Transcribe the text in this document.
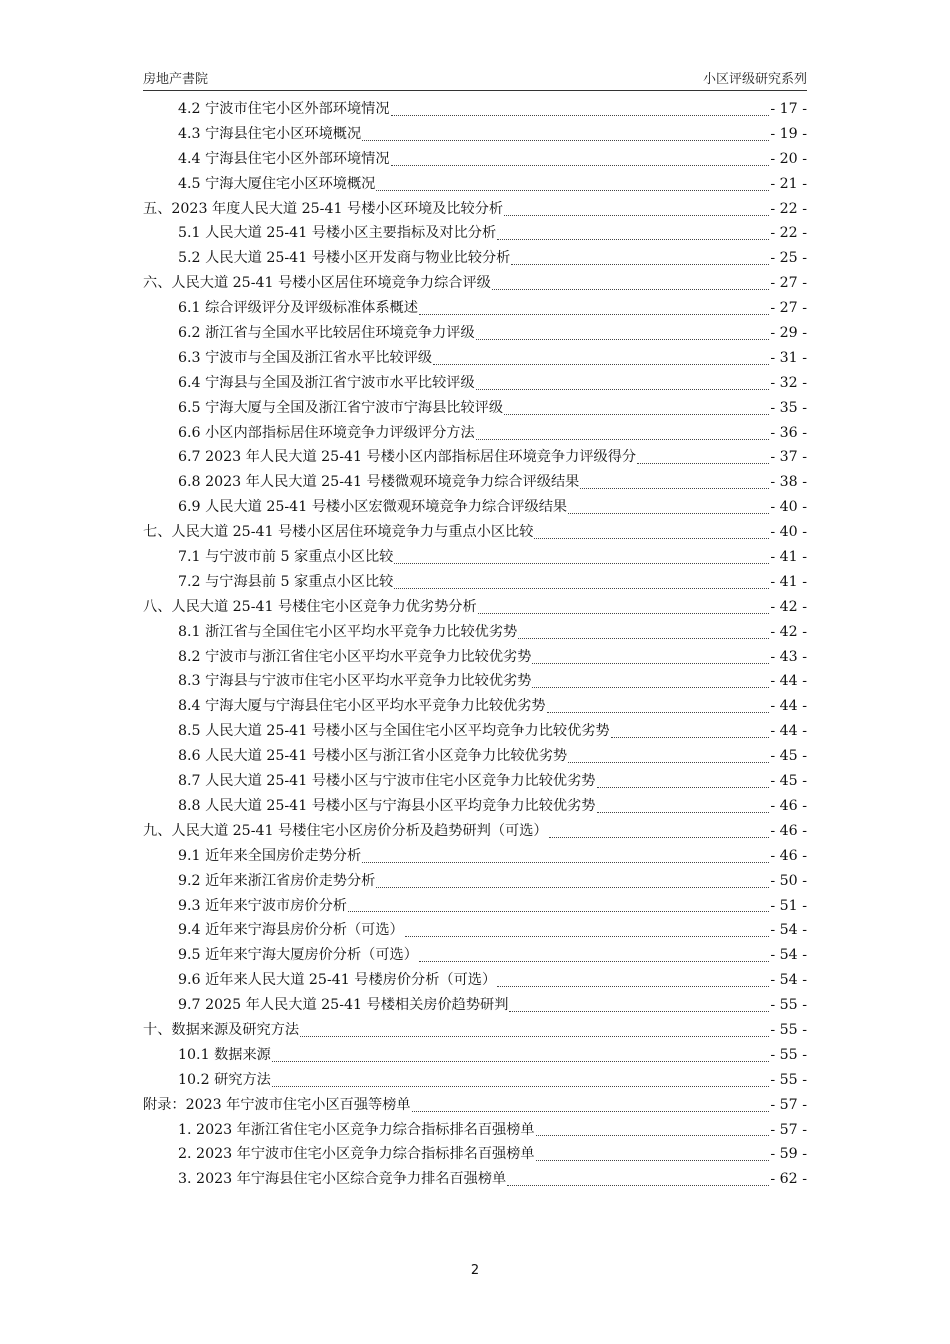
房地产書院	小区评级研究系列
4.2 宁波市住宅小区外部环境情况	- 17 -
4.3 宁海县住宅小区环境概况	- 19 -
4.4 宁海县住宅小区外部环境情况	- 20 -
4.5 宁海大厦住宅小区环境概况	- 21 -
五、2023 年度人民大道 25-41 号楼小区环境及比较分析	- 22 -
5.1 人民大道 25-41 号楼小区主要指标及对比分析	- 22 -
5.2 人民大道 25-41 号楼小区开发商与物业比较分析	- 25 -
六、人民大道 25-41 号楼小区居住环境竞争力综合评级	- 27 -
6.1 综合评级评分及评级标准体系概述	- 27 -
6.2 浙江省与全国水平比较居住环境竞争力评级	- 29 -
6.3 宁波市与全国及浙江省水平比较评级	- 31 -
6.4 宁海县与全国及浙江省宁波市水平比较评级	- 32 -
6.5 宁海大厦与全国及浙江省宁波市宁海县比较评级	- 35 -
6.6 小区内部指标居住环境竞争力评级评分方法	- 36 -
6.7 2023 年人民大道 25-41 号楼小区内部指标居住环境竞争力评级得分	- 37 -
6.8 2023 年人民大道 25-41 号楼微观环境竞争力综合评级结果	- 38 -
6.9 人民大道 25-41 号楼小区宏微观环境竞争力综合评级结果	- 40 -
七、人民大道 25-41 号楼小区居住环境竞争力与重点小区比较	- 40 -
7.1 与宁波市前 5 家重点小区比较	- 41 -
7.2 与宁海县前 5 家重点小区比较	- 41 -
八、人民大道 25-41 号楼住宅小区竞争力优劣势分析	- 42 -
8.1 浙江省与全国住宅小区平均水平竞争力比较优劣势	- 42 -
8.2 宁波市与浙江省住宅小区平均水平竞争力比较优劣势	- 43 -
8.3 宁海县与宁波市住宅小区平均水平竞争力比较优劣势	- 44 -
8.4 宁海大厦与宁海县住宅小区平均水平竞争力比较优劣势	- 44 -
8.5 人民大道 25-41 号楼小区与全国住宅小区平均竞争力比较优劣势	- 44 -
8.6 人民大道 25-41 号楼小区与浙江省小区竞争力比较优劣势	- 45 -
8.7 人民大道 25-41 号楼小区与宁波市住宅小区竞争力比较优劣势	- 45 -
8.8 人民大道 25-41 号楼小区与宁海县小区平均竞争力比较优劣势	- 46 -
九、人民大道 25-41 号楼住宅小区房价分析及趋势研判（可选）	- 46 -
9.1 近年来全国房价走势分析	- 46 -
9.2 近年来浙江省房价走势分析	- 50 -
9.3 近年来宁波市房价分析	- 51 -
9.4 近年来宁海县房价分析（可选）	- 54 -
9.5 近年来宁海大厦房价分析（可选）	- 54 -
9.6 近年来人民大道 25-41 号楼房价分析（可选）	- 54 -
9.7 2025 年人民大道 25-41 号楼相关房价趋势研判	- 55 -
十、数据来源及研究方法	- 55 -
10.1 数据来源	- 55 -
10.2 研究方法	- 55 -
附录：2023 年宁波市住宅小区百强等榜单	- 57 -
1. 2023 年浙江省住宅小区竞争力综合指标排名百强榜单	- 57 -
2. 2023 年宁波市住宅小区竞争力综合指标排名百强榜单	- 59 -
3. 2023 年宁海县住宅小区综合竞争力排名百强榜单	- 62 -
2
